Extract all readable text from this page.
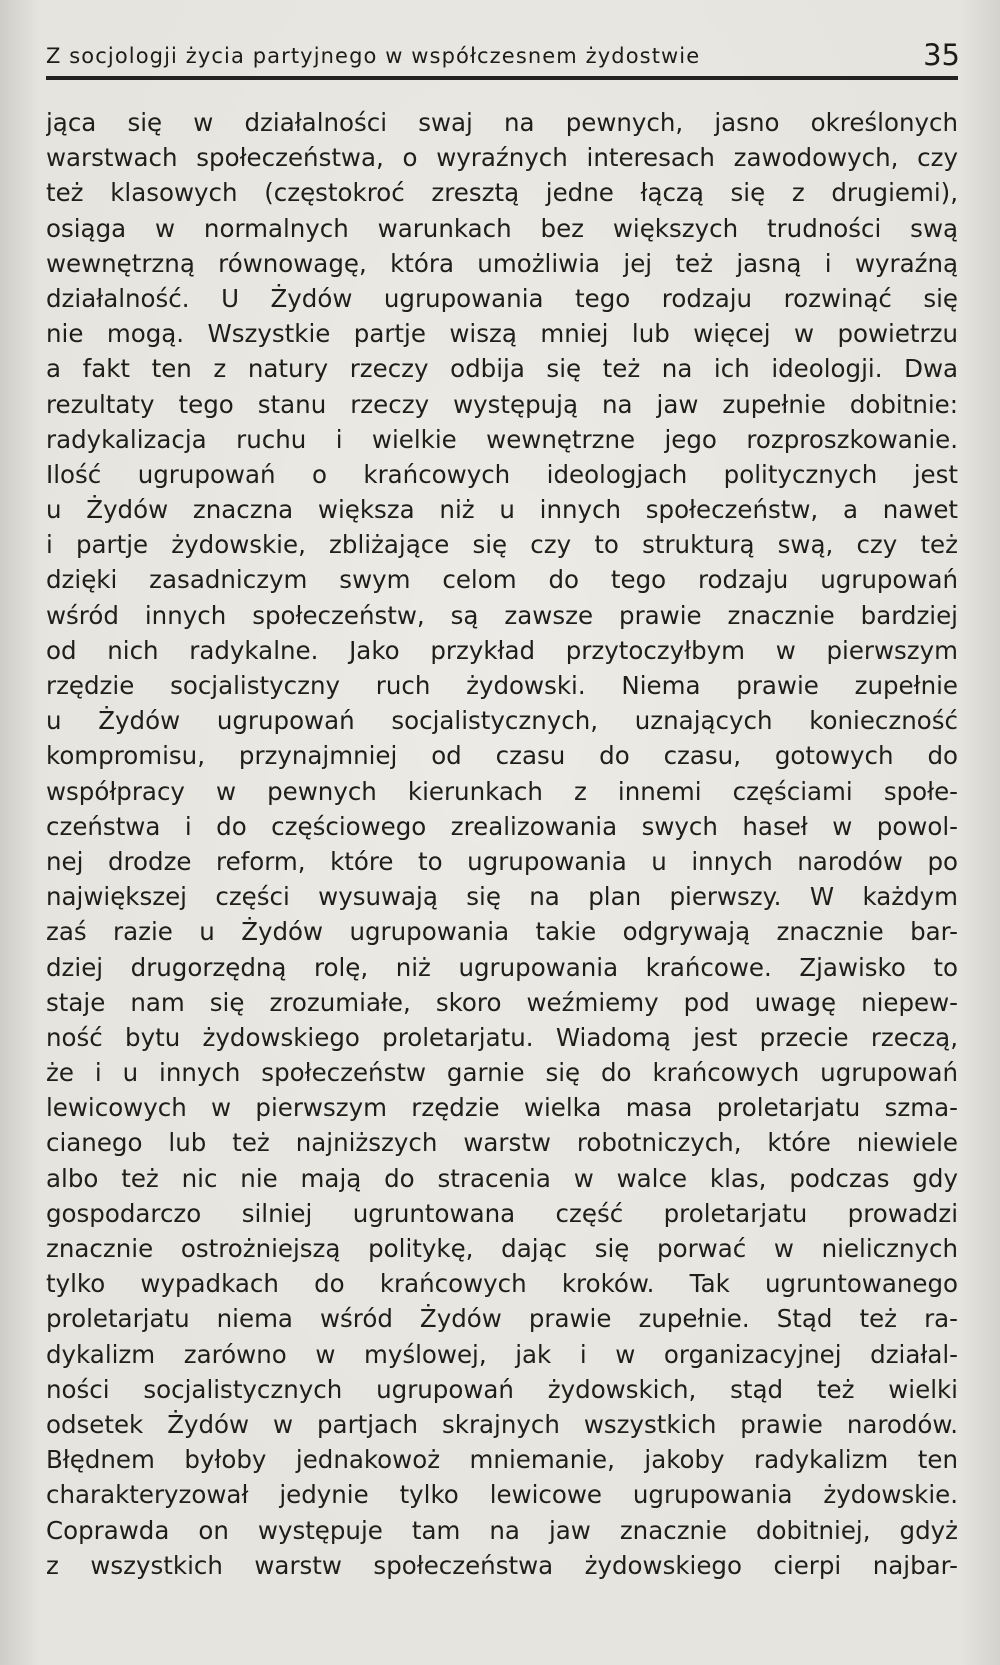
Z socjologji życia partyjnego w współczesnem żydostwie	35
jąca się w działalności swaj na pewnych, jasno określonych
warstwach społeczeństwa, o wyraźnych interesach zawodowych, czy
też klasowych (częstokroć zresztą jedne łączą się z drugiemi),
osiąga w normalnych warunkach bez większych trudności swą
wewnętrzną równowagę, która umożliwia jej też jasną i wyraźną
działalność. U Żydów ugrupowania tego rodzaju rozwinąć się
nie mogą. Wszystkie partje wiszą mniej lub więcej w powietrzu
a fakt ten z natury rzeczy odbija się też na ich ideologji. Dwa
rezultaty tego stanu rzeczy występują na jaw zupełnie dobitnie:
radykalizacja ruchu i wielkie wewnętrzne jego rozproszkowanie.
Ilość ugrupowań o krańcowych ideologjach politycznych jest
u Żydów znaczna większa niż u innych społeczeństw, a nawet
i partje żydowskie, zbliżające się czy to strukturą swą, czy też
dzięki zasadniczym swym celom do tego rodzaju ugrupowań
wśród innych społeczeństw, są zawsze prawie znacznie bardziej
od nich radykalne. Jako przykład przytoczyłbym w pierwszym
rzędzie socjalistyczny ruch żydowski. Niema prawie zupełnie
u Żydów ugrupowań socjalistycznych, uznających konieczność
kompromisu, przynajmniej od czasu do czasu, gotowych do
współpracy w pewnych kierunkach z innemi częściami społe-
czeństwa i do częściowego zrealizowania swych haseł w powol-
nej drodze reform, które to ugrupowania u innych narodów po
największej części wysuwają się na plan pierwszy. W każdym
zaś razie u Żydów ugrupowania takie odgrywają znacznie bar-
dziej drugorzędną rolę, niż ugrupowania krańcowe. Zjawisko to
staje nam się zrozumiałe, skoro weźmiemy pod uwagę niepew-
ność bytu żydowskiego proletarjatu. Wiadomą jest przecie rzeczą,
że i u innych społeczeństw garnie się do krańcowych ugrupowań
lewicowych w pierwszym rzędzie wielka masa proletarjatu szma-
cianego lub też najniższych warstw robotniczych, które niewiele
albo też nic nie mają do stracenia w walce klas, podczas gdy
gospodarczo silniej ugruntowana część proletarjatu prowadzi
znacznie ostrożniejszą politykę, dając się porwać w nielicznych
tylko wypadkach do krańcowych kroków. Tak ugruntowanego
proletarjatu niema wśród Żydów prawie zupełnie. Stąd też ra-
dykalizm zarówno w myślowej, jak i w organizacyjnej działal-
ności socjalistycznych ugrupowań żydowskich, stąd też wielki
odsetek Żydów w partjach skrajnych wszystkich prawie narodów.
Błędnem byłoby jednakowoż mniemanie, jakoby radykalizm ten
charakteryzował jedynie tylko lewicowe ugrupowania żydowskie.
Coprawda on występuje tam na jaw znacznie dobitniej, gdyż
z wszystkich warstw społeczeństwa żydowskiego cierpi najbar-
